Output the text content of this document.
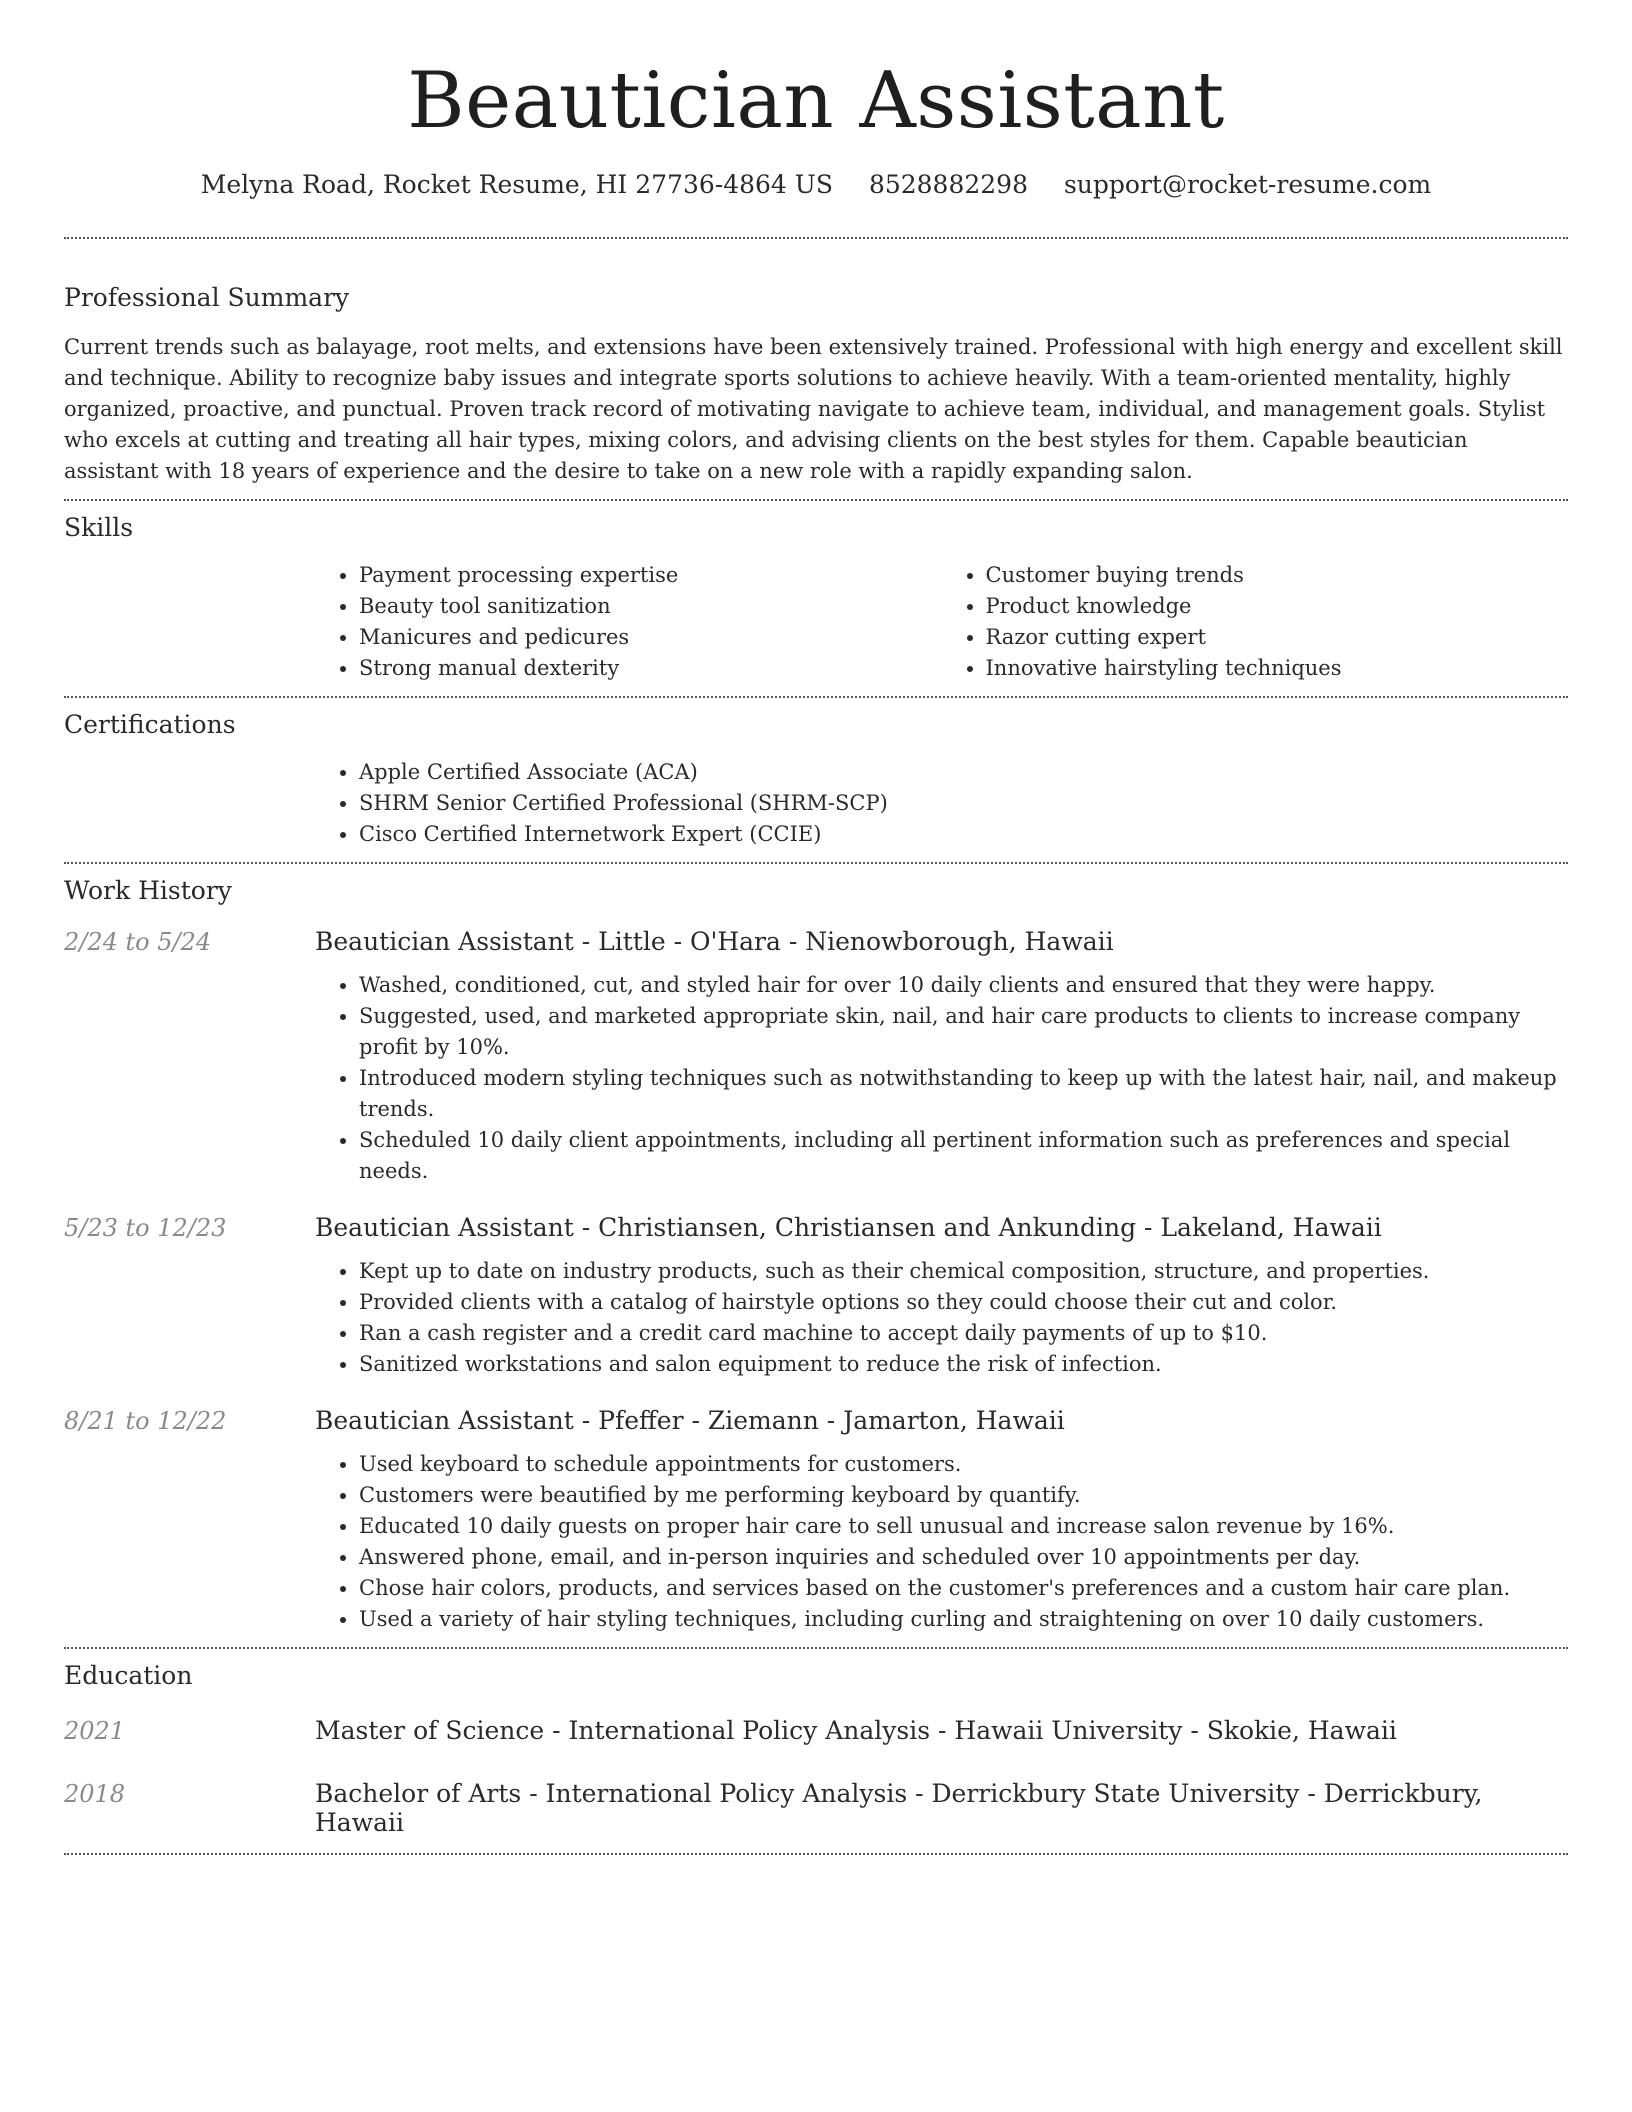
Beautician Assistant
Melyna Road, Rocket Resume, HI 27736-4864 US 8528882298 support@rocket-resume.com
Professional Summary

Current trends such as balayage, root melts, and extensions have been extensively trained. Professional with high energy and excellent skill and technique. Ability to recognize baby issues and integrate sports solutions to achieve heavily. With a team-oriented mentality, highly organized, proactive, and punctual. Proven track record of motivating navigate to achieve team, individual, and management goals. Stylist who excels at cutting and treating all hair types, mixing colors, and advising clients on the best styles for them. Capable beautician assistant with 18 years of experience and the desire to take on a new role with a rapidly expanding salon.

Skills
• Payment processing expertise
• Beauty tool sanitization
• Manicures and pedicures
• Strong manual dexterity
• Customer buying trends
• Product knowledge
• Razor cutting expert
• Innovative hairstyling techniques
Certifications
• Apple Certified Associate (ACA)
• SHRM Senior Certified Professional (SHRM-SCP)
• Cisco Certified Internetwork Expert (CCIE)
Work History
2/24 to 5/24	Beautician Assistant - Little - O'Hara - Nienowborough, Hawaii
• Washed, conditioned, cut, and styled hair for over 10 daily clients and ensured that they were happy.
• Suggested, used, and marketed appropriate skin, nail, and hair care products to clients to increase company profit by 10%.
• Introduced modern styling techniques such as notwithstanding to keep up with the latest hair, nail, and makeup trends.
• Scheduled 10 daily client appointments, including all pertinent information such as preferences and special needs.
5/23 to 12/23	Beautician Assistant - Christiansen, Christiansen and Ankunding - Lakeland, Hawaii
• Kept up to date on industry products, such as their chemical composition, structure, and properties.
• Provided clients with a catalog of hairstyle options so they could choose their cut and color.
• Ran a cash register and a credit card machine to accept daily payments of up to $10.
• Sanitized workstations and salon equipment to reduce the risk of infection.
8/21 to 12/22	Beautician Assistant - Pfeffer - Ziemann - Jamarton, Hawaii
• Used keyboard to schedule appointments for customers.
• Customers were beautified by me performing keyboard by quantify.
• Educated 10 daily guests on proper hair care to sell unusual and increase salon revenue by 16%.
• Answered phone, email, and in-person inquiries and scheduled over 10 appointments per day.
• Chose hair colors, products, and services based on the customer's preferences and a custom hair care plan.
• Used a variety of hair styling techniques, including curling and straightening on over 10 daily customers.
Education
2021	Master of Science - International Policy Analysis - Hawaii University - Skokie, Hawaii
2018	Bachelor of Arts - International Policy Analysis - Derrickbury State University - Derrickbury, Hawaii
